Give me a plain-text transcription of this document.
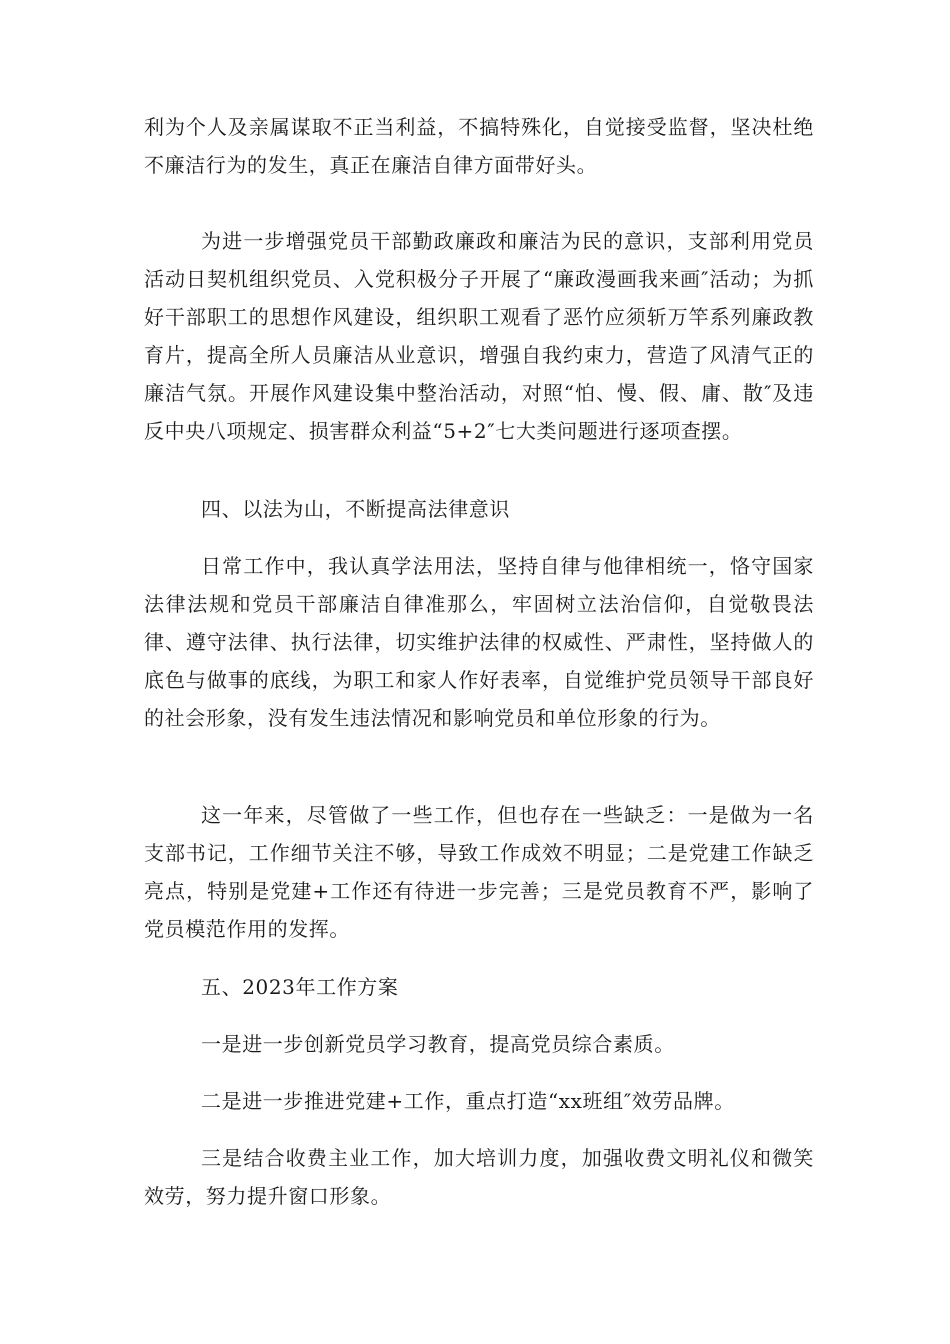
利为个人及亲属谋取不正当利益，不搞特殊化，自觉接受监督，坚决杜绝不廉洁行为的发生，真正在廉洁自律方面带好头。

为进一步增强党员干部勤政廉政和廉洁为民的意识，支部利用党员活动日契机组织党员、入党积极分子开展了“廉政漫画我来画″活动；为抓好干部职工的思想作风建设，组织职工观看了恶竹应须斩万竿系列廉政教育片，提高全所人员廉洁从业意识，增强自我约束力，营造了风清气正的廉洁气氛。开展作风建设集中整治活动，对照“怕、慢、假、庸、散″及违反中央八项规定、损害群众利益“5+2″七大类问题进行逐项查摆。

四、以法为山，不断提高法律意识

日常工作中，我认真学法用法，坚持自律与他律相统一，恪守国家法律法规和党员干部廉洁自律准那么，牢固树立法治信仰，自觉敬畏法律、遵守法律、执行法律，切实维护法律的权威性、严肃性，坚持做人的底色与做事的底线，为职工和家人作好表率，自觉维护党员领导干部良好的社会形象，没有发生违法情况和影响党员和单位形象的行为。

这一年来，尽管做了一些工作，但也存在一些缺乏：一是做为一名支部书记，工作细节关注不够，导致工作成效不明显；二是党建工作缺乏亮点，特别是党建+工作还有待进一步完善；三是党员教育不严，影响了党员模范作用的发挥。

五、2023年工作方案

一是进一步创新党员学习教育，提高党员综合素质。

二是进一步推进党建+工作，重点打造“xx班组″效劳品牌。

三是结合收费主业工作，加大培训力度，加强收费文明礼仪和微笑效劳，努力提升窗口形象。
